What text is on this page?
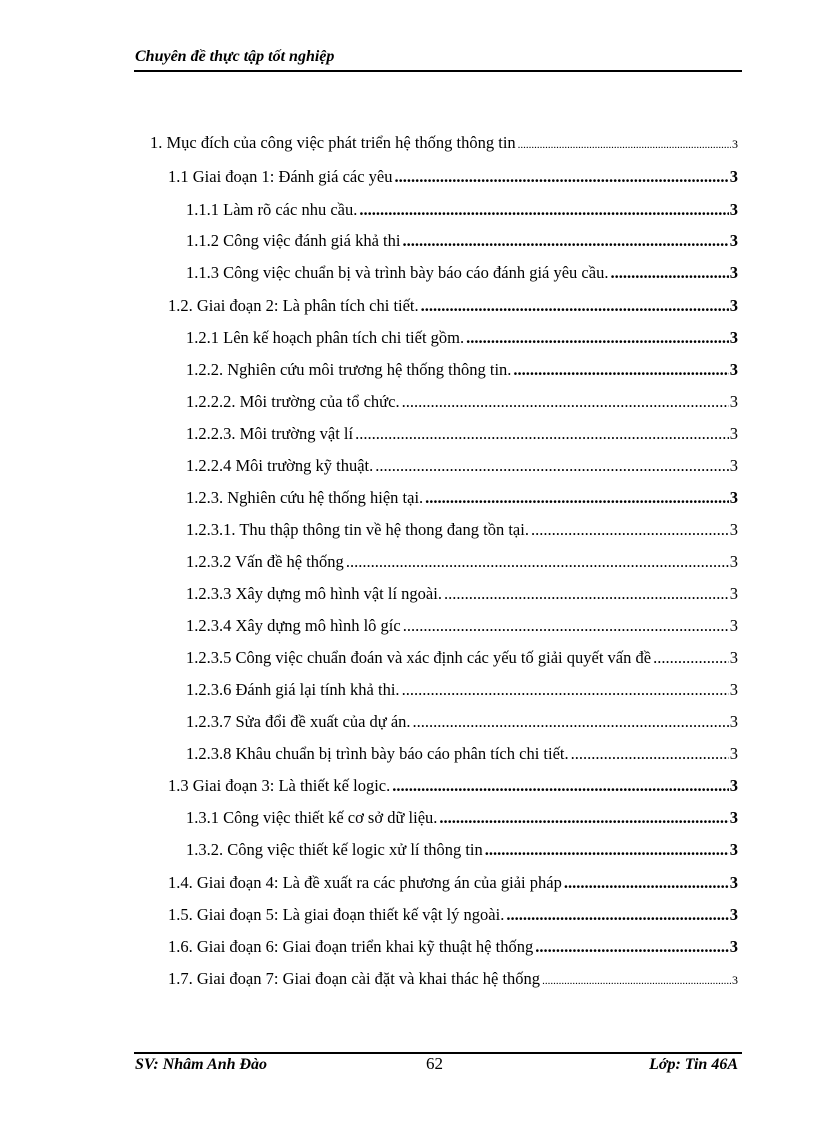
Chuyên đề thực tập tốt nghiệp
1. Mục đích của công việc phát triển hệ thống thông tin .....	3
1.1 Giai đoạn 1: Đánh giá các yêu .....	3
1.1.1 Làm rõ các nhu cầu. .....	3
1.1.2 Công việc đánh giá khả thi .....	3
1.1.3 Công việc chuẩn bị và trình bày báo cáo đánh giá yêu cầu. .....	3
1.2. Giai đoạn 2: Là phân tích chi tiết. .....	3
1.2.1 Lên kế hoạch phân tích chi tiết gồm. .....	3
1.2.2. Nghiên cứu môi trương hệ thống thông tin. .....	3
1.2.2.2. Môi trường của tổ chức. .....	3
1.2.2.3. Môi trường vật lí .....	3
1.2.2.4 Môi trường kỹ thuật. .....	3
1.2.3. Nghiên cứu hệ thống hiện tại. .....	3
1.2.3.1. Thu thập thông tin về hệ thong đang tồn tại. .....	3
1.2.3.2 Vấn đề hệ thống .....	3
1.2.3.3 Xây dựng mô hình vật lí ngoài. .....	3
1.2.3.4 Xây dựng mô hình lô gíc .....	3
1.2.3.5 Công việc chuẩn đoán và xác định các yếu tố giải quyết vấn đề .....	3
1.2.3.6 Đánh giá lại tính khả thi. .....	3
1.2.3.7 Sửa đổi đề xuất của dự án. .....	3
1.2.3.8 Khâu chuẩn bị trình bày báo cáo phân tích chi tiết. .....	3
1.3 Giai đoạn 3: Là thiết kế logic. .....	3
1.3.1 Công việc thiết kế cơ sở dữ liệu. .....	3
1.3.2. Công việc thiết kế logic xử lí thông tin .....	3
1.4. Giai đoạn 4: Là đề xuất ra các phương án của giải pháp .....	3
1.5. Giai đoạn 5: Là giai đoạn thiết kế vật lý ngoài. .....	3
1.6. Giai đoạn 6: Giai đoạn triển khai kỹ thuật hệ thống .....	3
1.7. Giai đoạn 7: Giai đoạn cài đặt và khai thác hệ thống .....	3
SV: Nhâm Anh Đào	62	Lớp: Tin 46A
